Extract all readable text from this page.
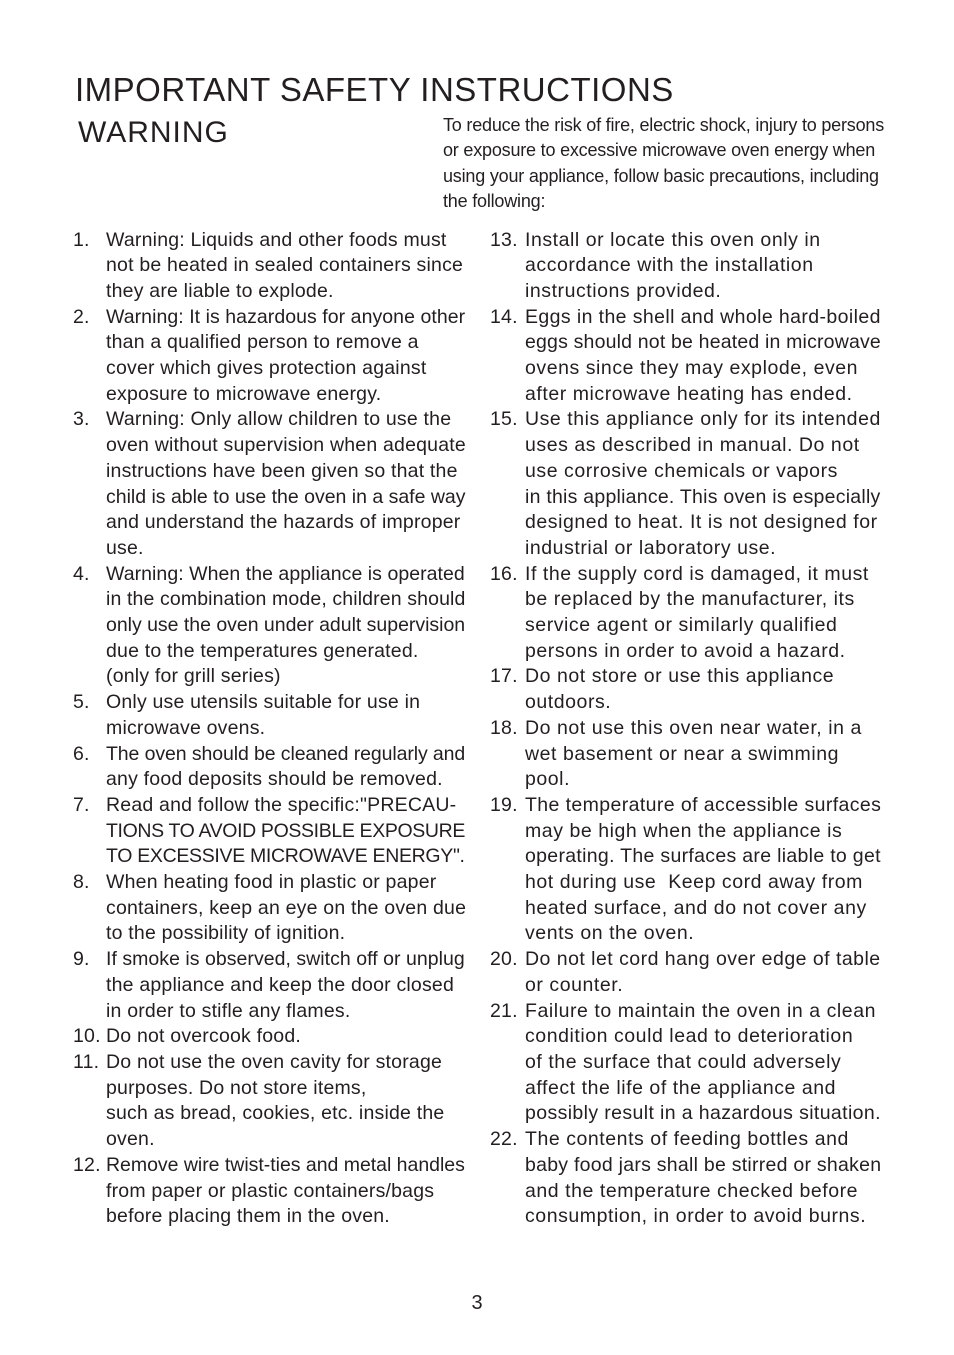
IMPORTANT SAFETY INSTRUCTIONS
WARNING	To reduce the risk of fire, electric shock, injury to persons
or exposure to excessive microwave oven energy when
using your appliance, follow basic precautions, including
the following:
1. Warning: Liquids and other foods must
not be heated in sealed containers since
they are liable to explode.
2. Warning: It is hazardous for anyone other
than a qualified person to remove a
cover which gives protection against
exposure to microwave energy.
3. Warning: Only allow children to use the
oven without supervision when adequate
instructions have been given so that the
child is able to use the oven in a safe way
and understand the hazards of improper
use.
4. Warning: When the appliance is operated
in the combination mode, children should
only use the oven under adult supervision
due to the temperatures generated.
(only for grill series)
5. Only use utensils suitable for use in
microwave ovens.
6. The oven should be cleaned regularly and
any food deposits should be removed.
7. Read and follow the specific:"PRECAU-
TIONS TO AVOID POSSIBLE EXPOSURE
TO EXCESSIVE MICROWAVE ENERGY".
8. When heating food in plastic or paper
containers, keep an eye on the oven due
to the possibility of ignition.
9. If smoke is observed, switch off or unplug
the appliance and keep the door closed
in order to stifle any flames.
10. Do not overcook food.
11. Do not use the oven cavity for storage
purposes. Do not store items,
such as bread, cookies, etc. inside the
oven.
12. Remove wire twist-ties and metal handles
from paper or plastic containers/bags
before placing them in the oven.
13. Install or locate this oven only in
accordance with the installation
instructions provided.
14. Eggs in the shell and whole hard-boiled
eggs should not be heated in microwave
ovens since they may explode, even
after microwave heating has ended.
15. Use this appliance only for its intended
uses as described in manual. Do not
use corrosive chemicals or vapors
in this appliance. This oven is especially
designed to heat. It is not designed for
industrial or laboratory use.
16. If the supply cord is damaged, it must
be replaced by the manufacturer, its
service agent or similarly qualified
persons in order to avoid a hazard.
17. Do not store or use this appliance
outdoors.
18. Do not use this oven near water, in a
wet basement or near a swimming
pool.
19. The temperature of accessible surfaces
may be high when the appliance is
operating. The surfaces are liable to get
hot during use  Keep cord away from
heated surface, and do not cover any
vents on the oven.
20. Do not let cord hang over edge of table
or counter.
21. Failure to maintain the oven in a clean
condition could lead to deterioration
of the surface that could adversely
affect the life of the appliance and
possibly result in a hazardous situation.
22. The contents of feeding bottles and
baby food jars shall be stirred or shaken
and the temperature checked before
consumption, in order to avoid burns.
3
